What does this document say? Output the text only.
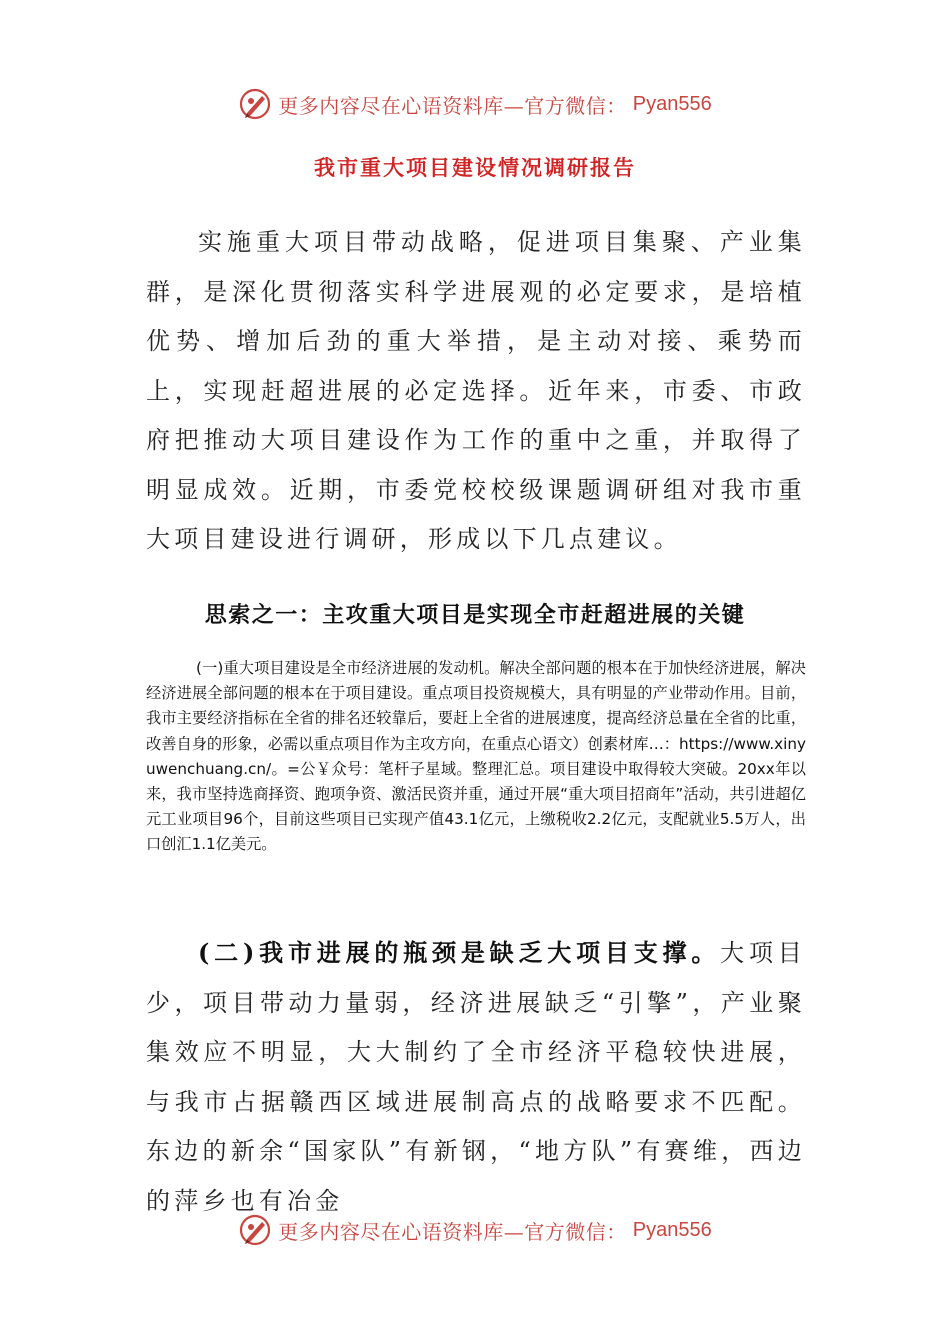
更多内容尽在心语资料库—官方微信： Pyan556
我市重大项目建设情况调研报告

实施重大项目带动战略，促进项目集聚、产业集群，是深化贯彻落实科学进展观的必定要求，是培植优势、增加后劲的重大举措，是主动对接、乘势而上，实现赶超进展的必定选择。近年来，市委、市政府把推动大项目建设作为工作的重中之重，并取得了明显成效。近期，市委党校校级课题调研组对我市重大项目建设进行调研，形成以下几点建议。

思索之一：主攻重大项目是实现全市赶超进展的关键

(一)重大项目建设是全市经济进展的发动机。解决全部问题的根本在于加快经济进展，解决经济进展全部问题的根本在于项目建设。重点项目投资规模大，具有明显的产业带动作用。目前，我市主要经济指标在全省的排名还较靠后，要赶上全省的进展速度，提高经济总量在全省的比重，改善自身的形象，必需以重点项目作为主攻方向，在重点心语文）创素材库…：https://www.xinyuwenchuang.cn/。=公￥众号：笔杆子星域。整理汇总。项目建设中取得较大突破。20xx年以来，我市坚持选商择资、跑项争资、激活民资并重，通过开展“重大项目招商年”活动，共引进超亿元工业项目96个，目前这些项目已实现产值43.1亿元，上缴税收2.2亿元，支配就业5.5万人，出口创汇1.1亿美元。

(二)我市进展的瓶颈是缺乏大项目支撑。大项目少，项目带动力量弱，经济进展缺乏“引擎”，产业聚集效应不明显，大大制约了全市经济平稳较快进展，与我市占据赣西区域进展制高点的战略要求不匹配。东边的新余“国家队”有新钢，“地方队”有赛维，西边的萍乡也有冶金

更多内容尽在心语资料库—官方微信： Pyan556
